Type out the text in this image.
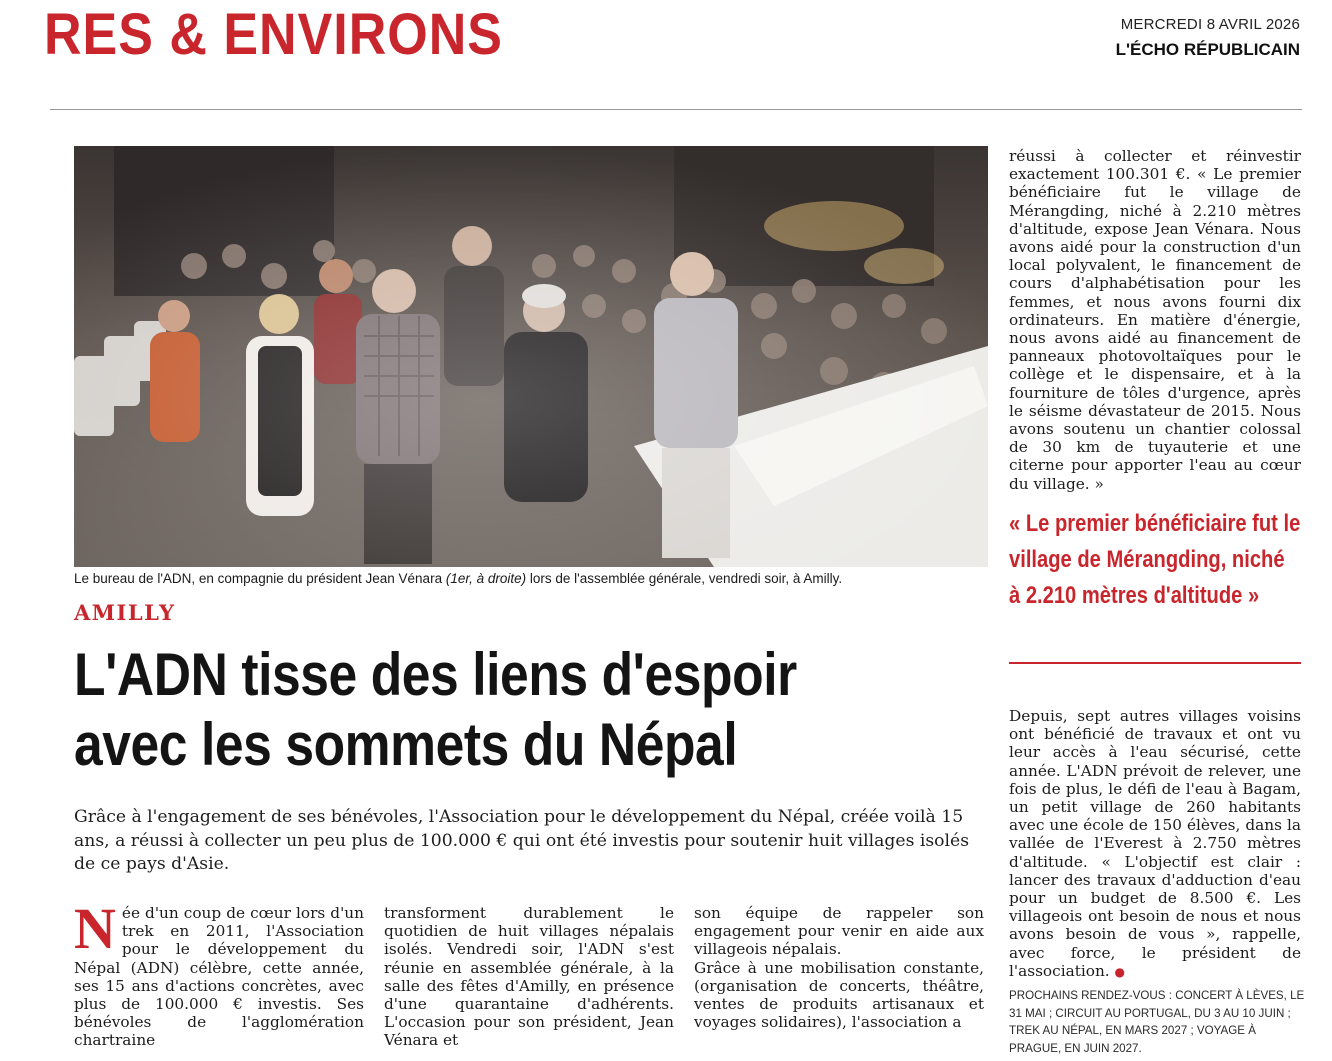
RES & ENVIRONS	MERCREDI 8 AVRIL 2026
L'ÉCHO RÉPUBLICAIN
Le bureau de l'ADN, en compagnie du président Jean Vénara (1er, à droite) lors de l'assemblée générale, vendredi soir, à Amilly.

réussi à collecter et réinvestir exactement 100.301 €. « Le premier bénéficiaire fut le village de Mérangding, niché à 2.210 mètres d'altitude, expose Jean Vénara. Nous avons aidé pour la construction d'un local polyvalent, le financement de cours d'alphabétisation pour les femmes, et nous avons fourni dix ordinateurs. En matière d'énergie, nous avons aidé au financement de panneaux photovoltaïques pour le collège et le dispensaire, et à la fourniture de tôles d'urgence, après le séisme dévastateur de 2015. Nous avons soutenu un chantier colossal de 30 km de tuyauterie et une citerne pour apporter l'eau au cœur du village. »

« Le premier bénéficiaire fut le village de Mérangding, niché à 2.210 mètres d'altitude »

Depuis, sept autres villages voisins ont bénéficié de travaux et ont vu leur accès à l'eau sécurisé, cette année. L'ADN prévoit de relever, une fois de plus, le défi de l'eau à Bagam, un petit village de 260 habitants avec une école de 150 élèves, dans la vallée de l'Everest à 2.750 mètres d'altitude. « L'objectif est clair : lancer des travaux d'adduction d'eau pour un budget de 8.500 €. Les villageois ont besoin de nous et nous avons besoin de vous », rappelle, avec force, le président de l'association. ●

PROCHAINS RENDEZ-VOUS : CONCERT À LÈVES, LE 31 MAI ; CIRCUIT AU PORTUGAL, DU 3 AU 10 JUIN ; TREK AU NÉPAL, EN MARS 2027 ; VOYAGE À PRAGUE, EN JUIN 2027.
AMILLY
L'ADN tisse des liens d'espoir
avec les sommets du Népal
Grâce à l'engagement de ses bénévoles, l'Association pour le développement du Népal, créée voilà 15 ans, a réussi à collecter un peu plus de 100.000 € qui ont été investis pour soutenir huit villages isolés de ce pays d'Asie.

Née d'un coup de cœur lors d'un trek en 2011, l'Association pour le développement du Népal (ADN) célèbre, cette année, ses 15 ans d'actions concrètes, avec plus de 100.000 € investis. Ses bénévoles de l'agglomération chartraine

transforment durablement le quotidien de huit villages népalais isolés. Vendredi soir, l'ADN s'est réunie en assemblée générale, à la salle des fêtes d'Amilly, en présence d'une quarantaine d'adhérents. L'occasion pour son président, Jean Vénara et

son équipe de rappeler son engagement pour venir en aide aux villageois népalais.

Grâce à une mobilisation constante, (organisation de concerts, théâtre, ventes de produits artisanaux et voyages solidaires), l'association a
